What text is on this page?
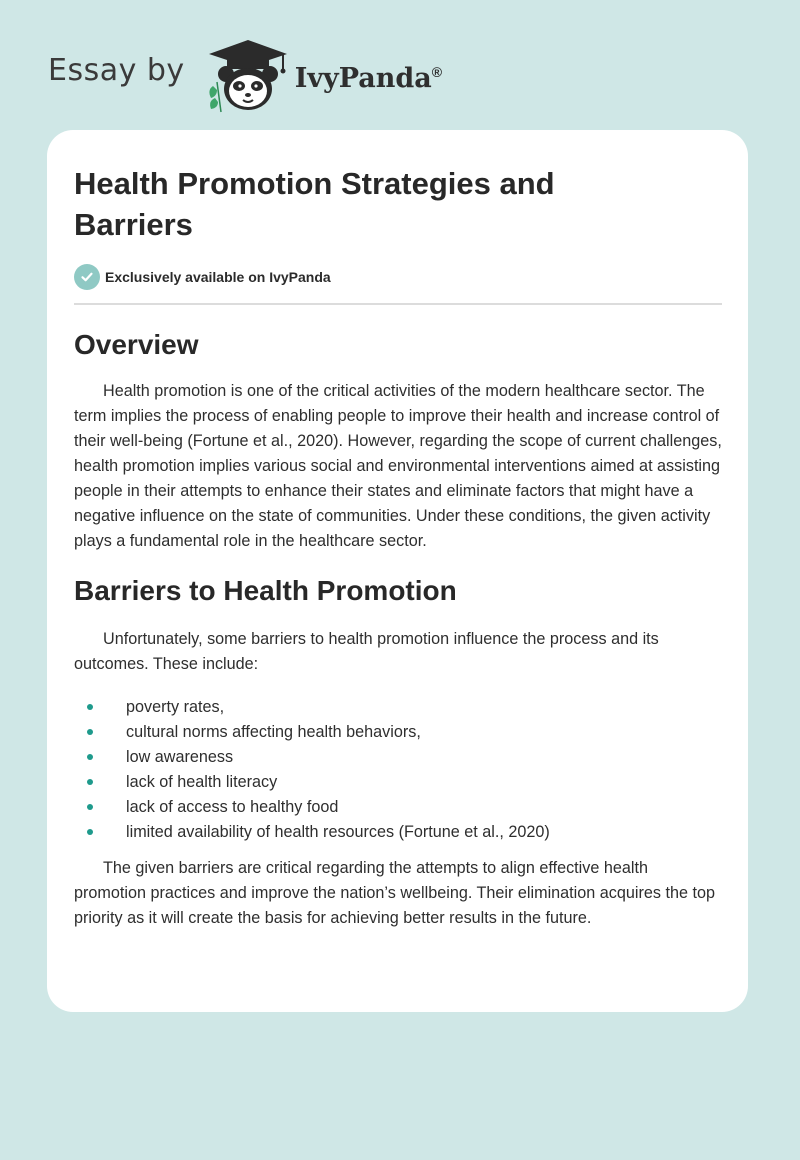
Essay by	IvyPanda®
Health Promotion Strategies and Barriers
Exclusively available on IvyPanda
Overview

Health promotion is one of the critical activities of the modern healthcare sector. The term implies the process of enabling people to improve their health and increase control of their well-being (Fortune et al., 2020). However, regarding the scope of current challenges, health promotion implies various social and environmental interventions aimed at assisting people in their attempts to enhance their states and eliminate factors that might have a negative influence on the state of communities. Under these conditions, the given activity plays a fundamental role in the healthcare sector.

Barriers to Health Promotion

Unfortunately, some barriers to health promotion influence the process and its outcomes. These include:

poverty rates,
cultural norms affecting health behaviors,
low awareness
lack of health literacy
lack of access to healthy food
limited availability of health resources (Fortune et al., 2020)

The given barriers are critical regarding the attempts to align effective health promotion practices and improve the nation’s wellbeing. Their elimination acquires the top priority as it will create the basis for achieving better results in the future.
